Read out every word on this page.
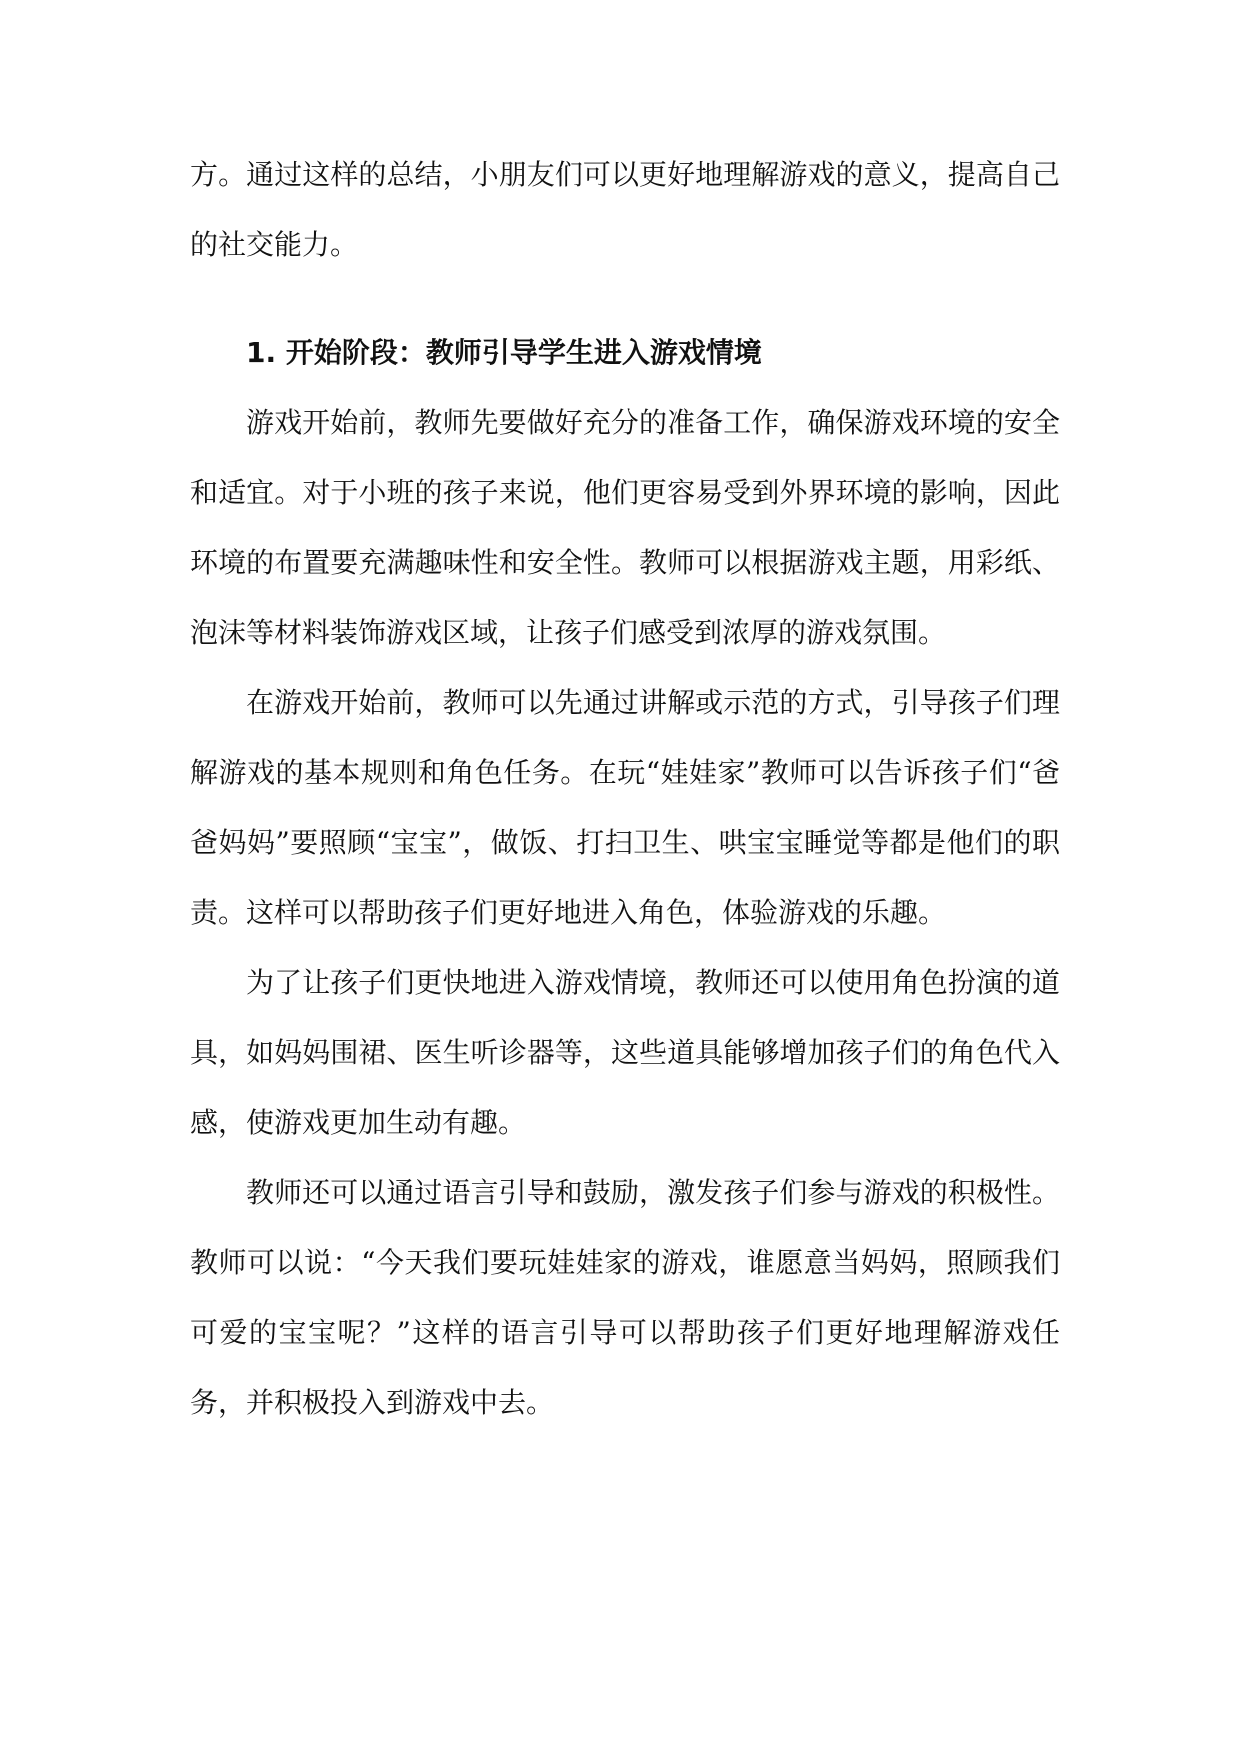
方。通过这样的总结，小朋友们可以更好地理解游戏的意义，提高自己的社交能力。

1. 开始阶段：教师引导学生进入游戏情境

游戏开始前，教师先要做好充分的准备工作，确保游戏环境的安全和适宜。对于小班的孩子来说，他们更容易受到外界环境的影响，因此环境的布置要充满趣味性和安全性。教师可以根据游戏主题，用彩纸、泡沫等材料装饰游戏区域，让孩子们感受到浓厚的游戏氛围。

在游戏开始前，教师可以先通过讲解或示范的方式，引导孩子们理解游戏的基本规则和角色任务。在玩“娃娃家”教师可以告诉孩子们“爸爸妈妈”要照顾“宝宝”，做饭、打扫卫生、哄宝宝睡觉等都是他们的职责。这样可以帮助孩子们更好地进入角色，体验游戏的乐趣。

为了让孩子们更快地进入游戏情境，教师还可以使用角色扮演的道具，如妈妈围裙、医生听诊器等，这些道具能够增加孩子们的角色代入感，使游戏更加生动有趣。

教师还可以通过语言引导和鼓励，激发孩子们参与游戏的积极性。教师可以说：“今天我们要玩娃娃家的游戏，谁愿意当妈妈，照顾我们可爱的宝宝呢？”这样的语言引导可以帮助孩子们更好地理解游戏任务，并积极投入到游戏中去。
